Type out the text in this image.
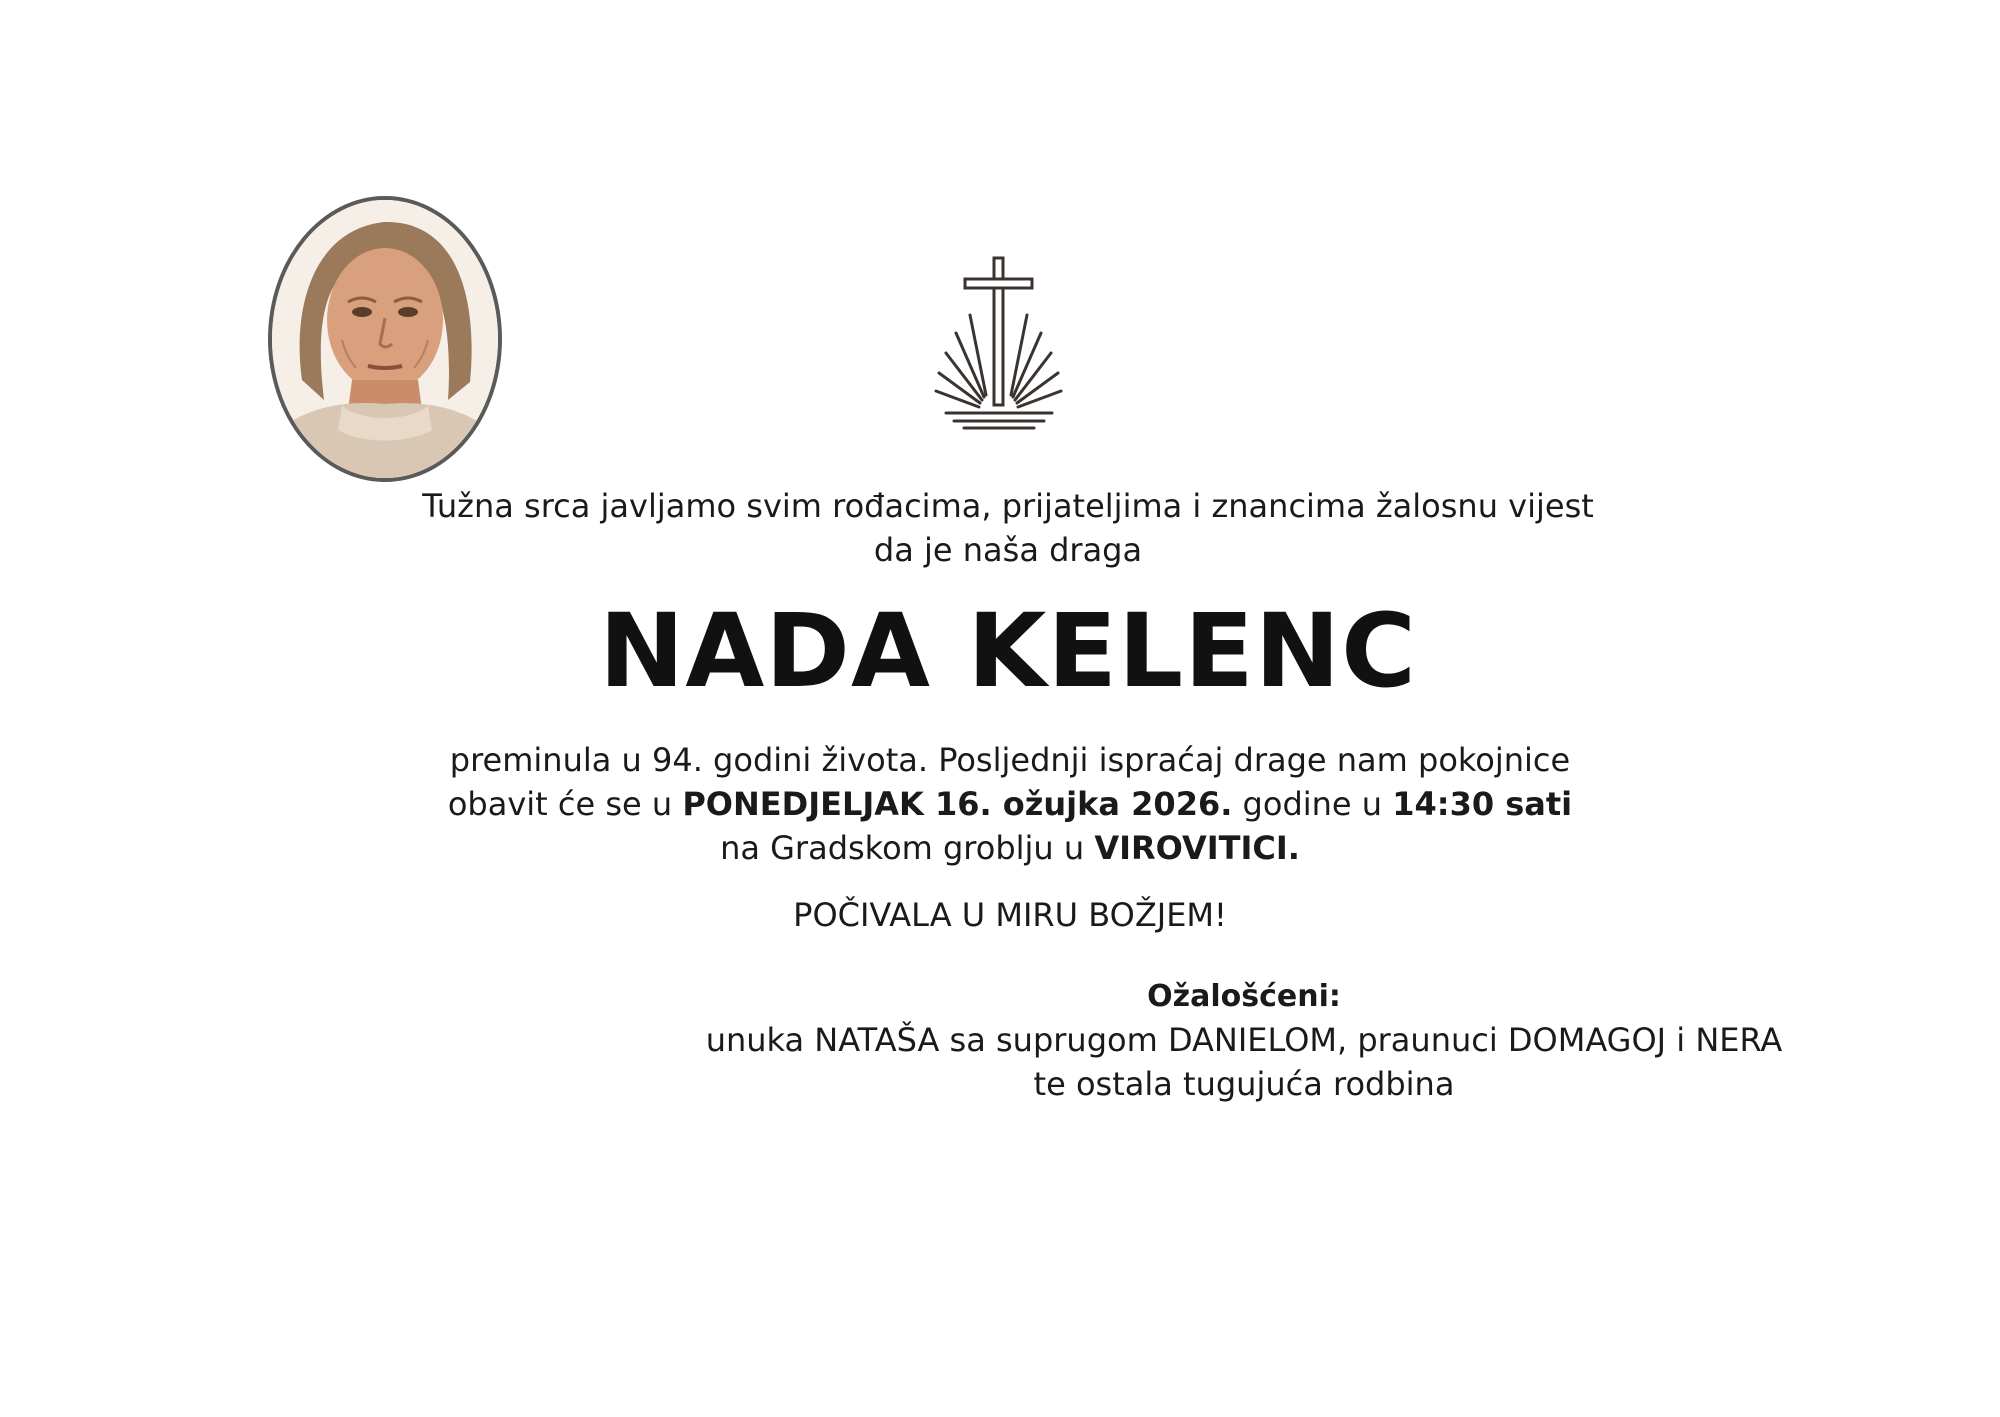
Tužna srca javljamo svim rođacima, prijateljima i znancima žalosnu vijest
da je naša draga
NADA KELENC
preminula u 94. godini života. Posljednji ispraćaj drage nam pokojnice
obavit će se u PONEDJELJAK 16. ožujka 2026. godine u 14:30 sati
na Gradskom groblju u VIROVITICI.
POČIVALA U MIRU BOŽJEM!
Ožalošćeni:
unuka NATAŠA sa suprugom DANIELOM, praunuci DOMAGOJ i NERA
te ostala tugujuća rodbina
